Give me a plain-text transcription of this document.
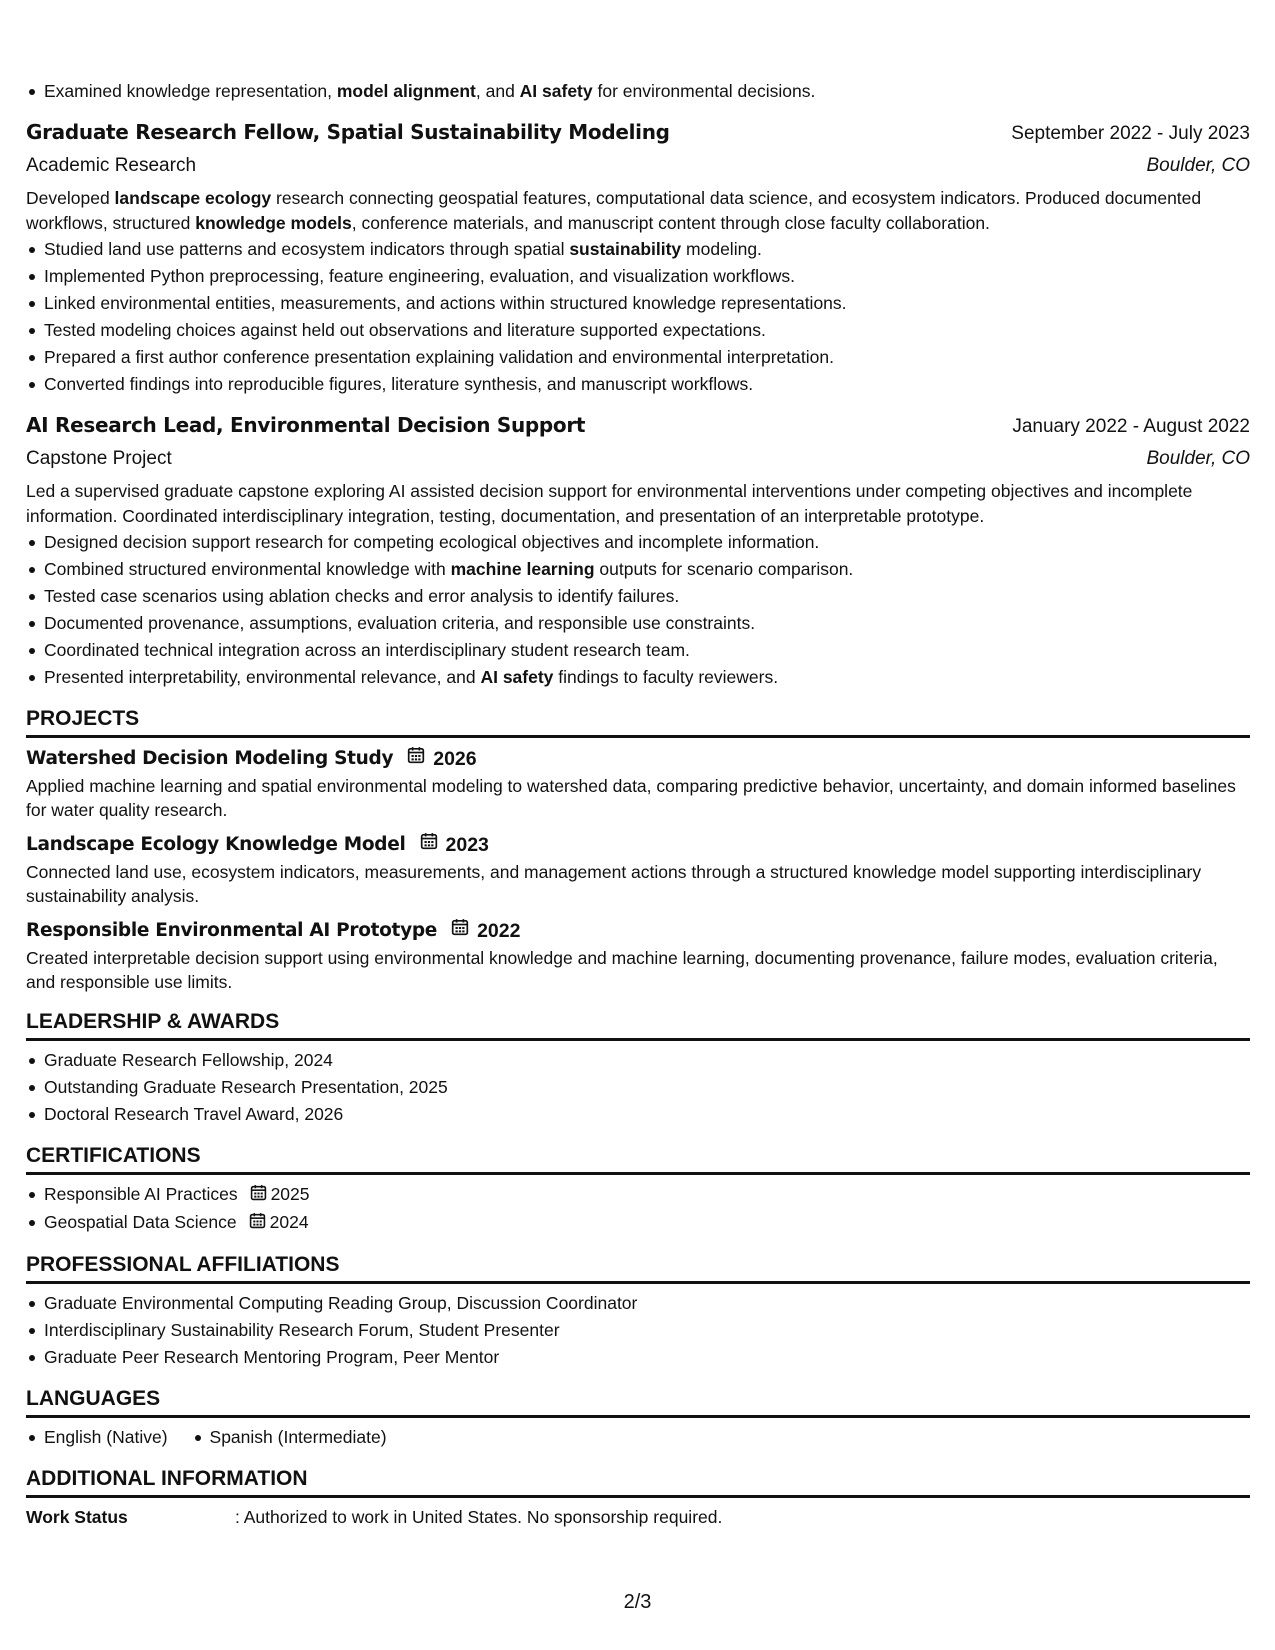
Examined knowledge representation, model alignment, and AI safety for environmental decisions.
Graduate Research Fellow, Spatial Sustainability Modeling	September 2022 - July 2023
Academic Research	Boulder, CO
Developed landscape ecology research connecting geospatial features, computational data science, and ecosystem indicators. Produced documented workflows, structured knowledge models, conference materials, and manuscript content through close faculty collaboration.
Studied land use patterns and ecosystem indicators through spatial sustainability modeling.
Implemented Python preprocessing, feature engineering, evaluation, and visualization workflows.
Linked environmental entities, measurements, and actions within structured knowledge representations.
Tested modeling choices against held out observations and literature supported expectations.
Prepared a first author conference presentation explaining validation and environmental interpretation.
Converted findings into reproducible figures, literature synthesis, and manuscript workflows.
AI Research Lead, Environmental Decision Support	January 2022 - August 2022
Capstone Project	Boulder, CO
Led a supervised graduate capstone exploring AI assisted decision support for environmental interventions under competing objectives and incomplete information. Coordinated interdisciplinary integration, testing, documentation, and presentation of an interpretable prototype.
Designed decision support research for competing ecological objectives and incomplete information.
Combined structured environmental knowledge with machine learning outputs for scenario comparison.
Tested case scenarios using ablation checks and error analysis to identify failures.
Documented provenance, assumptions, evaluation criteria, and responsible use constraints.
Coordinated technical integration across an interdisciplinary student research team.
Presented interpretability, environmental relevance, and AI safety findings to faculty reviewers.
PROJECTS
Watershed Decision Modeling Study 2026
Applied machine learning and spatial environmental modeling to watershed data, comparing predictive behavior, uncertainty, and domain informed baselines for water quality research.
Landscape Ecology Knowledge Model 2023
Connected land use, ecosystem indicators, measurements, and management actions through a structured knowledge model supporting interdisciplinary sustainability analysis.
Responsible Environmental AI Prototype 2022
Created interpretable decision support using environmental knowledge and machine learning, documenting provenance, failure modes, evaluation criteria, and responsible use limits.
LEADERSHIP & AWARDS
Graduate Research Fellowship, 2024
Outstanding Graduate Research Presentation, 2025
Doctoral Research Travel Award, 2026
CERTIFICATIONS
Responsible AI Practices 2025
Geospatial Data Science 2024
PROFESSIONAL AFFILIATIONS
Graduate Environmental Computing Reading Group, Discussion Coordinator
Interdisciplinary Sustainability Research Forum, Student Presenter
Graduate Peer Research Mentoring Program, Peer Mentor
LANGUAGES
English (Native)	Spanish (Intermediate)
ADDITIONAL INFORMATION
Work Status	: Authorized to work in United States. No sponsorship required.
2/3
